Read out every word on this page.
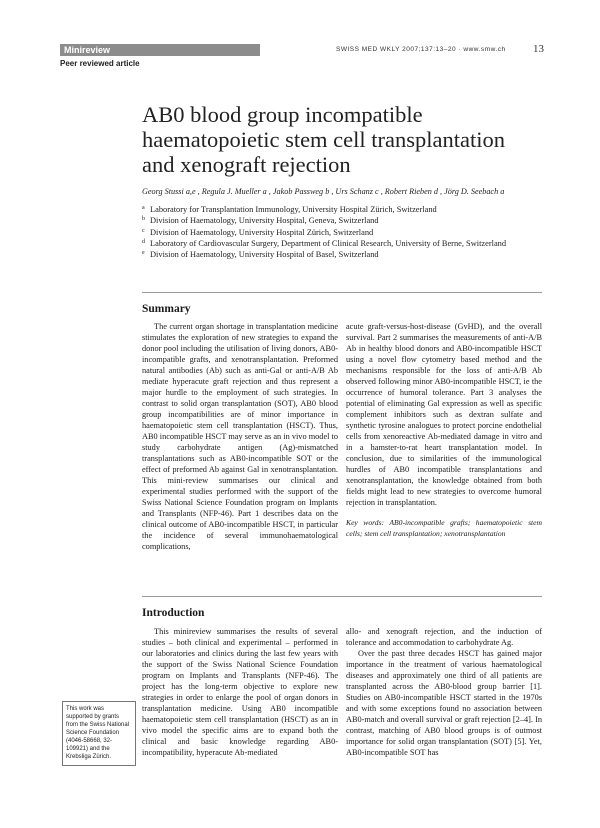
Minireview	SWISS MED WKLY 2007;137:13–20 · www.smw.ch	13
Peer reviewed article
AB0 blood group incompatible haematopoietic stem cell transplantation and xenograft rejection
Georg Stussi a,e , Regula J. Mueller a , Jakob Passweg b , Urs Schanz c , Robert Rieben d , Jörg D. Seebach a
a Laboratory for Transplantation Immunology, University Hospital Zürich, Switzerland
b Division of Haematology, University Hospital, Geneva, Switzerland
c Division of Haematology, University Hospital Zürich, Switzerland
d Laboratory of Cardiovascular Surgery, Department of Clinical Research, University of Berne, Switzerland
e Division of Haematology, University Hospital of Basel, Switzerland
Summary

The current organ shortage in transplantation medicine stimulates the exploration of new strategies to expand the donor pool including the utilisation of living donors, AB0-incompatible grafts, and xenotransplantation. Preformed natural antibodies (Ab) such as anti-Gal or anti-A/B Ab mediate hyperacute graft rejection and thus represent a major hurdle to the employment of such strategies. In contrast to solid organ transplantation (SOT), AB0 blood group incompatibilities are of minor importance in haematopoietic stem cell transplantation (HSCT). Thus, AB0 incompatible HSCT may serve as an in vivo model to study carbohydrate antigen (Ag)-mismatched transplantations such as AB0-incompatible SOT or the effect of preformed Ab against Gal in xenotransplantation. This mini-review summarises our clinical and experimental studies performed with the support of the Swiss National Science Foundation program on Implants and Transplants (NFP-46). Part 1 describes data on the clinical outcome of AB0-incompatible HSCT, in particular the incidence of several immunohaematological complications,

acute graft-versus-host-disease (GvHD), and the overall survival. Part 2 summarises the measurements of anti-A/B Ab in healthy blood donors and AB0-incompatible HSCT using a novel flow cytometry based method and the mechanisms responsible for the loss of anti-A/B Ab observed following minor AB0-incompatible HSCT, ie the occurrence of humoral tolerance. Part 3 analyses the potential of eliminating Gal expression as well as specific complement inhibitors such as dextran sulfate and synthetic tyrosine analogues to protect porcine endothelial cells from xenoreactive Ab-mediated damage in vitro and in a hamster-to-rat heart transplantation model. In conclusion, due to similarities of the immunological hurdles of AB0 incompatible transplantations and xenotransplantation, the knowledge obtained from both fields might lead to new strategies to overcome humoral rejection in transplantation.

Key words: AB0-incompatible grafts; haematopoietic stem cells; stem cell transplantation; xenotransplantation

Introduction

This minireview summarises the results of several studies – both clinical and experimental – performed in our laboratories and clinics during the last few years with the support of the Swiss National Science Foundation program on Implants and Transplants (NFP-46). The project has the long-term objective to explore new strategies in order to enlarge the pool of organ donors in transplantation medicine. Using AB0 incompatible haematopoietic stem cell transplantation (HSCT) as an in vivo model the specific aims are to expand both the clinical and basic knowledge regarding AB0-incompatibility, hyperacute Ab-mediated

allo- and xenograft rejection, and the induction of tolerance and accommodation to carbohydrate Ag.

Over the past three decades HSCT has gained major importance in the treatment of various haematological diseases and approximately one third of all patients are transplanted across the AB0-blood group barrier [1]. Studies on AB0-incompatible HSCT started in the 1970s and with some exceptions found no association between AB0-match and overall survival or graft rejection [2–4]. In contrast, matching of AB0 blood groups is of outmost importance for solid organ transplantation (SOT) [5]. Yet, AB0-incompatible SOT has

This work was supported by grants from the Swiss National Science Foundation (4046-58668, 32-109921) and the Krebsliga Zürich.
